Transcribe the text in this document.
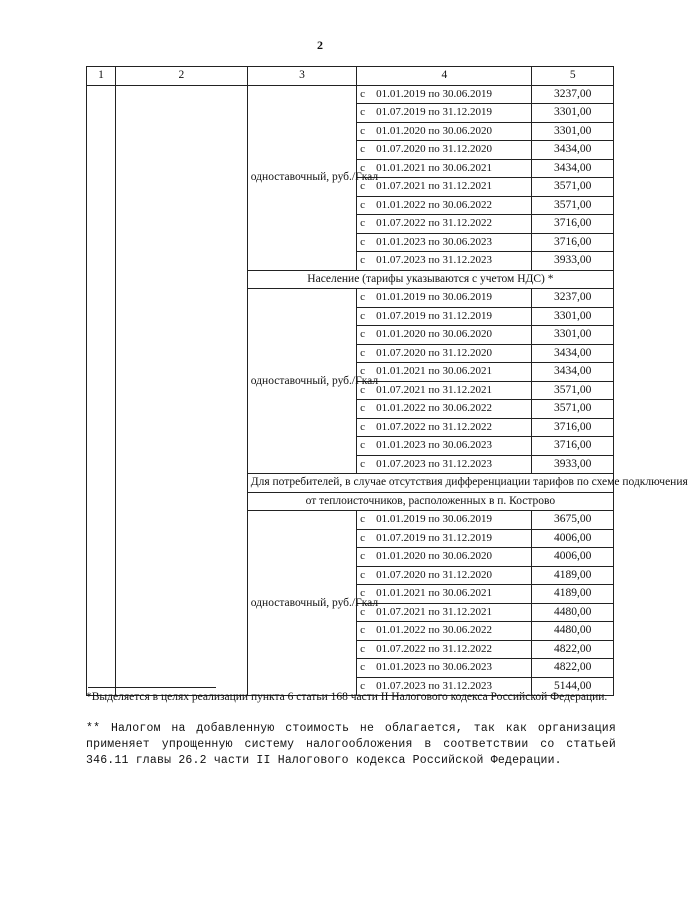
2
1	2	3	4	5
		одноставочный, руб./Гкал	с 01.01.2019 по 30.06.2019	3237,00
			с 01.07.2019 по 31.12.2019	3301,00
			с 01.01.2020 по 30.06.2020	3301,00
			с 01.07.2020 по 31.12.2020	3434,00
			с 01.01.2021 по 30.06.2021	3434,00
			с 01.07.2021 по 31.12.2021	3571,00
			с 01.01.2022 по 30.06.2022	3571,00
			с 01.07.2022 по 31.12.2022	3716,00
			с 01.01.2023 по 30.06.2023	3716,00
			с 01.07.2023 по 31.12.2023	3933,00
		Население (тарифы указываются с учетом НДС) *		
		одноставочный, руб./Гкал	с 01.01.2019 по 30.06.2019	3237,00
			с 01.07.2019 по 31.12.2019	3301,00
			с 01.01.2020 по 30.06.2020	3301,00
			с 01.07.2020 по 31.12.2020	3434,00
			с 01.01.2021 по 30.06.2021	3434,00
			с 01.07.2021 по 31.12.2021	3571,00
			с 01.01.2022 по 30.06.2022	3571,00
			с 01.07.2022 по 31.12.2022	3716,00
			с 01.01.2023 по 30.06.2023	3716,00
			с 01.07.2023 по 31.12.2023	3933,00
		Для потребителей, в случае отсутствия дифференциации тарифов по схеме подключения		
		от теплоисточников, расположенных в п. Кострово		
		одноставочный, руб./Гкал	с 01.01.2019 по 30.06.2019	3675,00
			с 01.07.2019 по 31.12.2019	4006,00
			с 01.01.2020 по 30.06.2020	4006,00
			с 01.07.2020 по 31.12.2020	4189,00
			с 01.01.2021 по 30.06.2021	4189,00
			с 01.07.2021 по 31.12.2021	4480,00
			с 01.01.2022 по 30.06.2022	4480,00
			с 01.07.2022 по 31.12.2022	4822,00
			с 01.01.2023 по 30.06.2023	4822,00
			с 01.07.2023 по 31.12.2023	5144,00
*Выделяется в целях реализации пункта 6 статьи 168 части II Налогового кодекса Российской Федерации.
** Налогом на добавленную стоимость не облагается, так как организация применяет упрощенную систему налогообложения в соответствии со статьей 346.11 главы 26.2 части II Налогового кодекса Российской Федерации.
